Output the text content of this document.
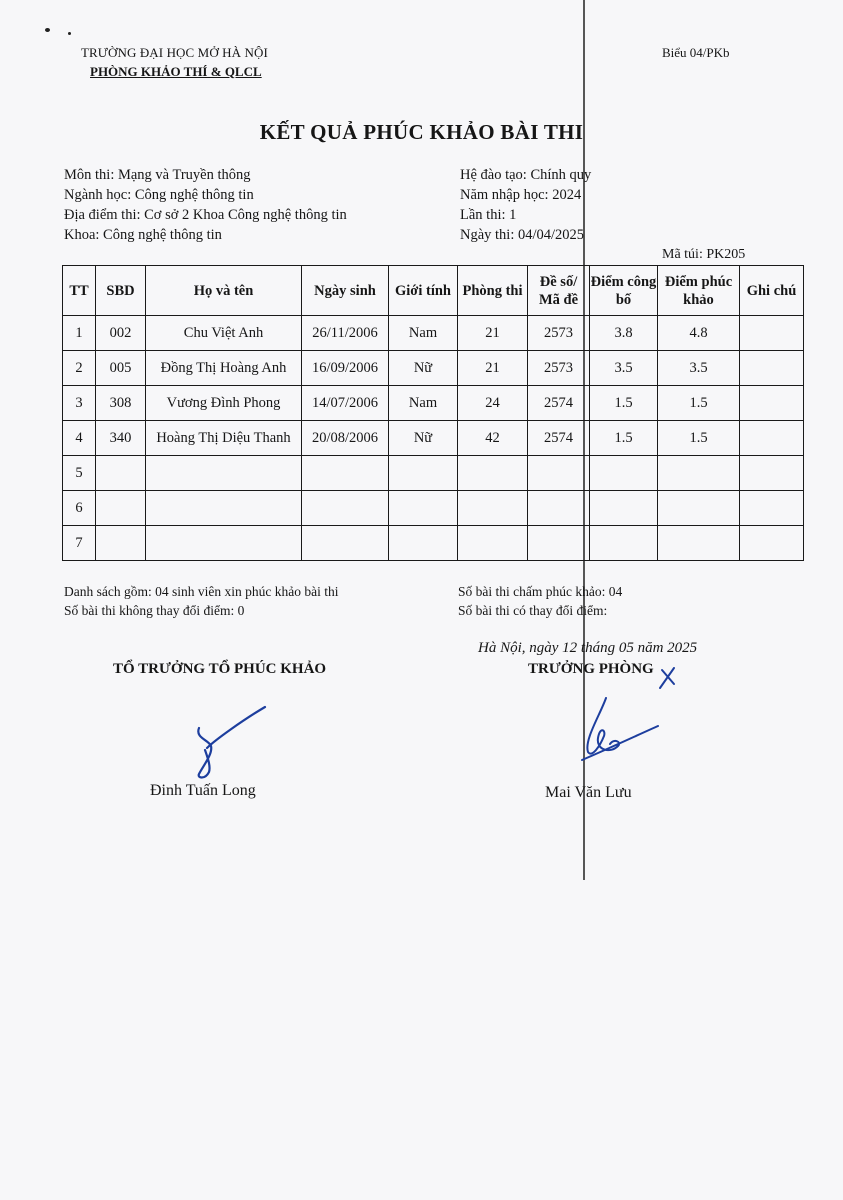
TRƯỜNG ĐẠI HỌC MỞ HÀ NỘI
PHÒNG KHẢO THÍ & QLCL
Biểu 04/PKb
KẾT QUẢ PHÚC KHẢO BÀI THI
Môn thi: Mạng và Truyền thông
Ngành học: Công nghệ thông tin
Địa điểm thi: Cơ sở 2 Khoa Công nghệ thông tin
Khoa: Công nghệ thông tin
Hệ đào tạo: Chính quy
Năm nhập học: 2024
Lần thi: 1
Ngày thi: 04/04/2025
Mã túi: PK205
TT	SBD	Họ và tên	Ngày sinh	Giới tính	Phòng thi	Đề số/ Mã đề	Điểm công bố	Điểm phúc khảo	Ghi chú
1	002	Chu Việt Anh	26/11/2006	Nam	21	2573	3.8	4.8	
2	005	Đồng Thị Hoàng Anh	16/09/2006	Nữ	21	2573	3.5	3.5	
3	308	Vương Đình Phong	14/07/2006	Nam	24	2574	1.5	1.5	
4	340	Hoàng Thị Diệu Thanh	20/08/2006	Nữ	42	2574	1.5	1.5	
5									
6									
7									
Danh sách gồm: 04 sinh viên xin phúc khảo bài thi
Số bài thi không thay đổi điểm: 0
Số bài thi chấm phúc khảo: 04
Số bài thi có thay đổi điểm:
Hà Nội, ngày 12 tháng 05 năm 2025
TỔ TRƯỞNG TỔ PHÚC KHẢO	TRƯỞNG PHÒNG
Đinh Tuấn Long	Mai Văn Lưu
